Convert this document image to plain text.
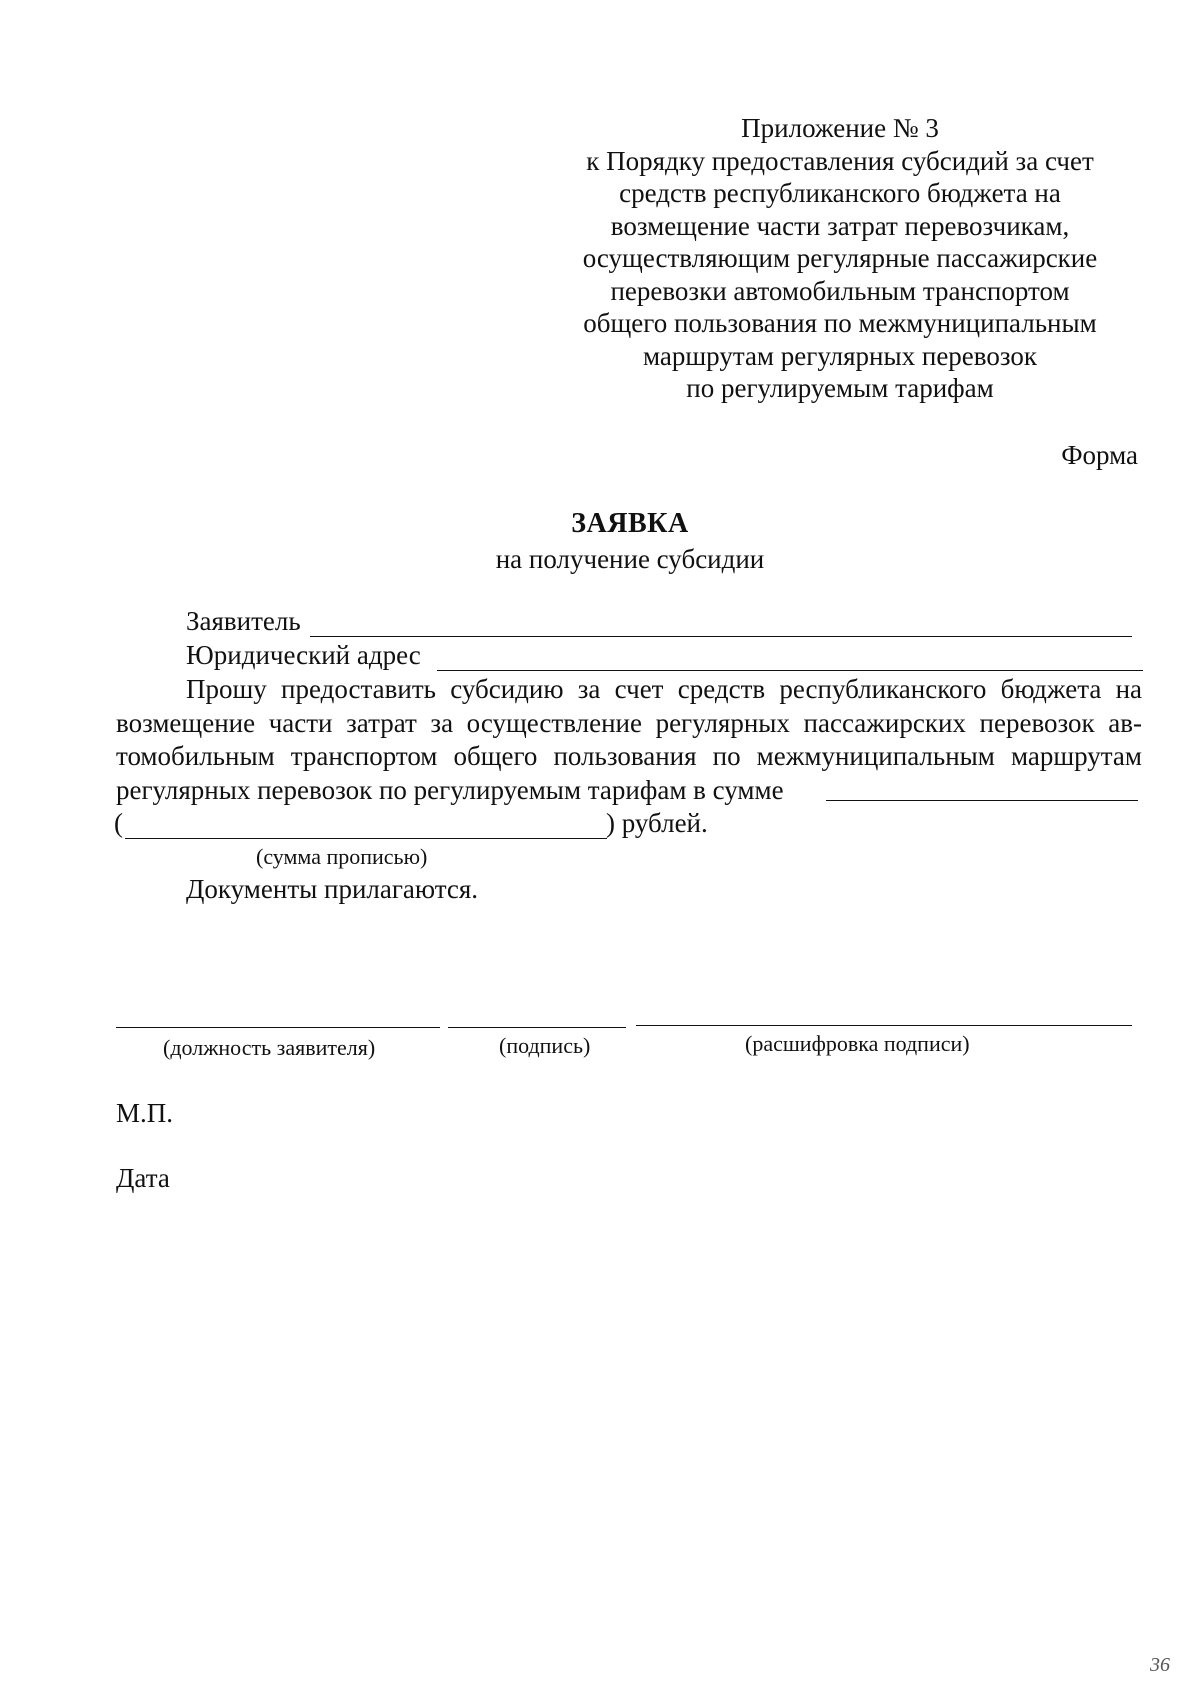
Приложение № 3
к Порядку предоставления субсидий за счет
средств республиканского бюджета на
возмещение части затрат перевозчикам,
осуществляющим регулярные пассажирские
перевозки автомобильным транспортом
общего пользования по межмуниципальным
маршрутам регулярных перевозок
по регулируемым тарифам
Форма
ЗАЯВКА
на получение субсидии
Заявитель
Юридический адрес
Прошу предоставить субсидию за счет средств республиканского бюджета на
возмещение части затрат за осуществление регулярных пассажирских перевозок ав-
томобильным транспортом общего пользования по межмуниципальным маршрутам
регулярных перевозок по регулируемым тарифам в сумме
(	) рублей.
(сумма прописью)
Документы прилагаются.
(должность заявителя)	(подпись)	(расшифровка подписи)
М.П.
Дата
36
